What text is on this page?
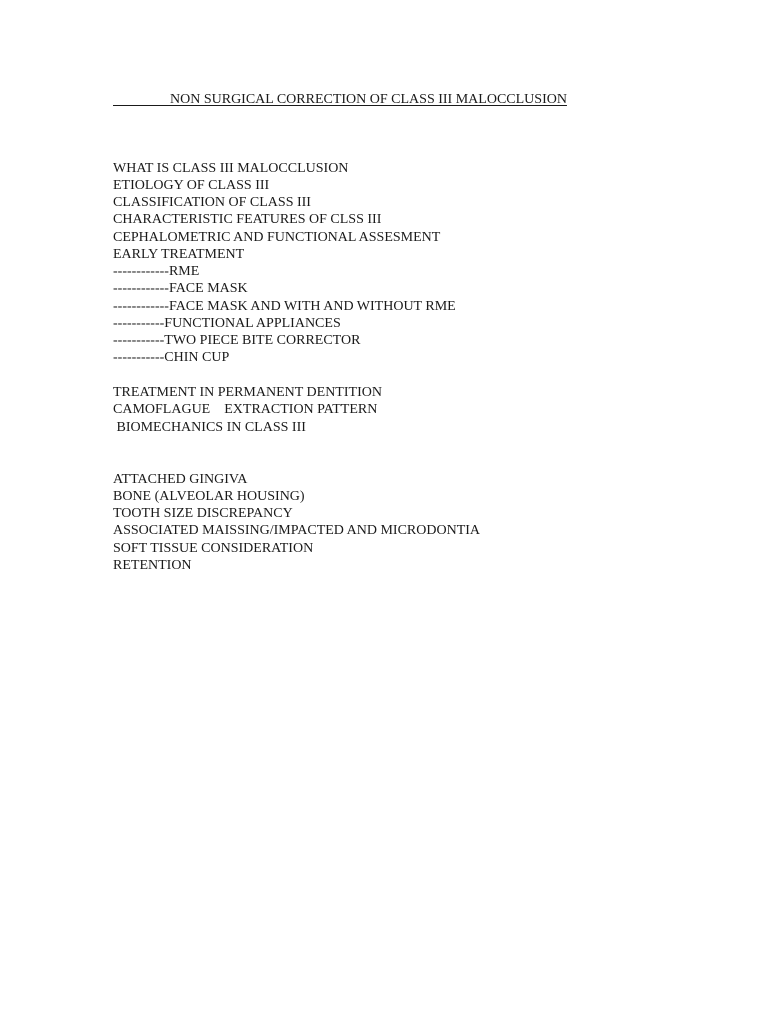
NON SURGICAL CORRECTION OF CLASS III MALOCCLUSION
WHAT IS CLASS III MALOCCLUSION
ETIOLOGY OF CLASS III
CLASSIFICATION OF CLASS III
CHARACTERISTIC FEATURES OF CLSS III
CEPHALOMETRIC AND FUNCTIONAL ASSESMENT
EARLY TREATMENT
------------RME
------------FACE MASK
------------FACE MASK AND WITH AND WITHOUT RME
-----------FUNCTIONAL APPLIANCES
-----------TWO PIECE BITE CORRECTOR
-----------CHIN CUP
TREATMENT IN PERMANENT DENTITION
CAMOFLAGUE    EXTRACTION PATTERN
BIOMECHANICS IN CLASS III
ATTACHED GINGIVA
BONE (ALVEOLAR HOUSING)
TOOTH SIZE DISCREPANCY
ASSOCIATED MAISSING/IMPACTED AND MICRODONTIA
SOFT TISSUE CONSIDERATION
RETENTION
